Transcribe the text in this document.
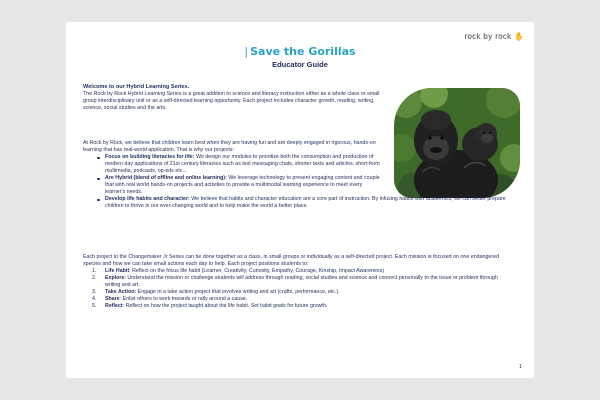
rock by rock ✋
| Save the Gorillas
Educator Guide

Welcome to our Hybrid Learning Series.

The Rock by Rock Hybrid Learning Series is a great addition to science and literacy instruction either as a whole class or small group interdisciplinary unit or as a self-directed learning opportunity. Each project includes character growth, reading, writing, science, social studies and the arts.

At Rock by Rock, we believe that children learn best when they are having fun and are deeply engaged in rigorous, hands-on learning that has real-world application. That is why our projects:

Focus on building literacies for life: We design our modules to prioritize both the consumption and production of modern day applications of 21st century literacies such as text messaging chats, shorter texts and articles, short-form multimedia, podcasts, op-eds etc...
Are Hybrid (blend of offline and online learning): We leverage technology to present engaging content and couple that with real world hands-on projects and activities to provide a multimodal learning experience to meet every learner's needs.
Develop life habits and character: We believe that habits and character education are a core part of instruction. By infusing habits with academics, we can better prepare children to thrive in our ever-changing world and to help make the world a better place.

Each project in the Changemaker Jr Series can be done together as a class, in small groups or individually as a self-directed project. Each mission is focused on one endangered species and how we can take small actions each day to help. Each project positions students to:

1. Life Habit: Reflect on the focus life habit (Learner, Creativity, Curiosity, Empathy, Courage, Kinship, Impact Awareness)
2. Explore: Understand the mission or challenge students will address through reading, social studies and science and connect personally to the issue or problem through writing and art.
3. Take Action: Engage in a take action project that involves writing and art (crafts, performance, etc.).
4. Share: Enlist others to work towards or rally around a cause.
5. Reflect: Reflect on how the project taught about the life habit. Set habit goals for future growth.
1
